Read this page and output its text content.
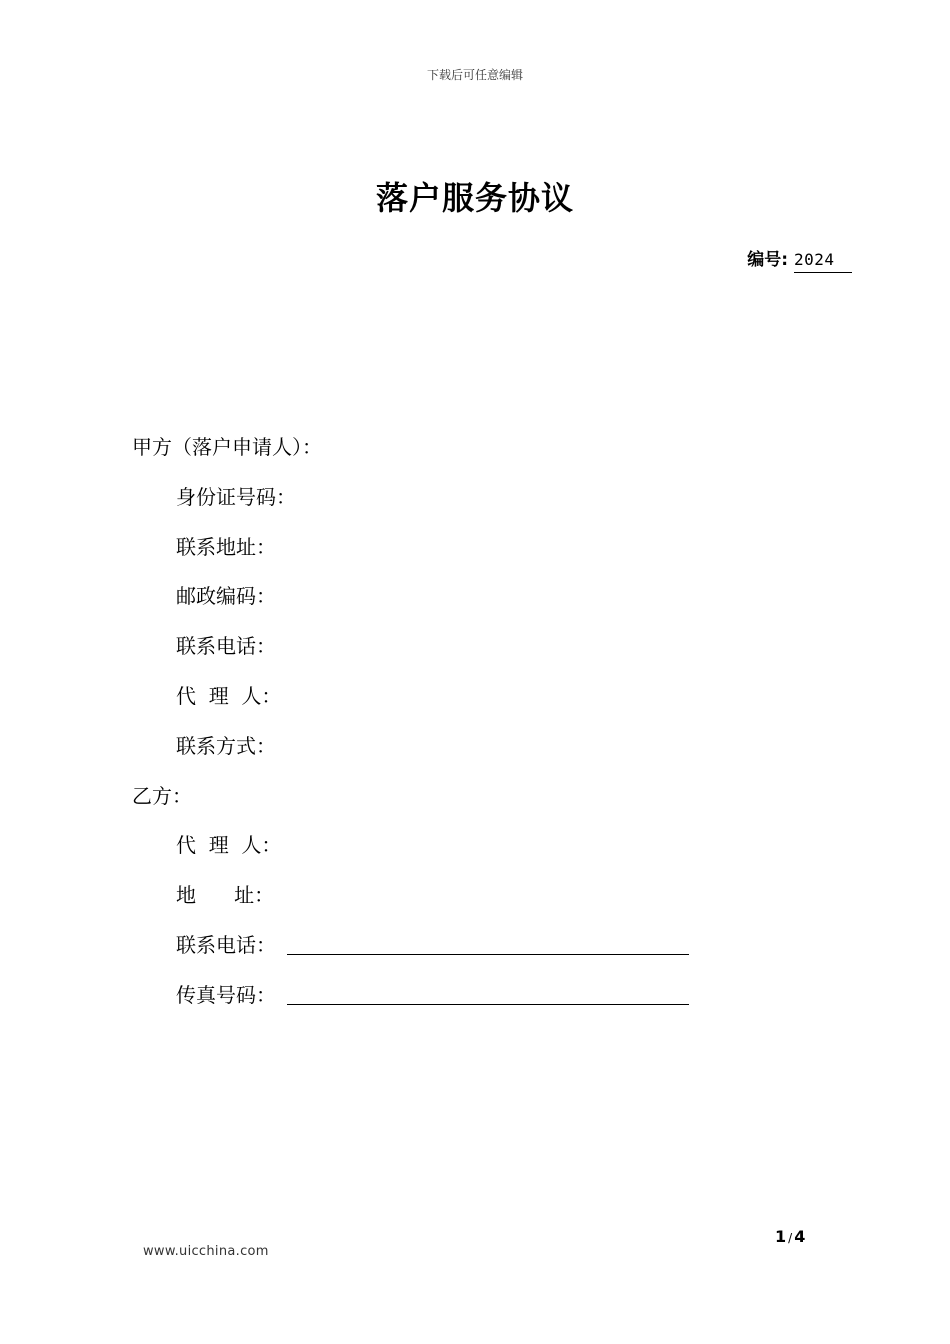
下载后可任意编辑
落户服务协议
编号: 2024
甲方（落户申请人）：
身份证号码：
联系地址：
邮政编码：
联系电话：
代  理  人：
联系方式：
乙方：
代  理  人：
地      址：
联系电话：
传真号码：
1 / 4
www.uicchina.com
